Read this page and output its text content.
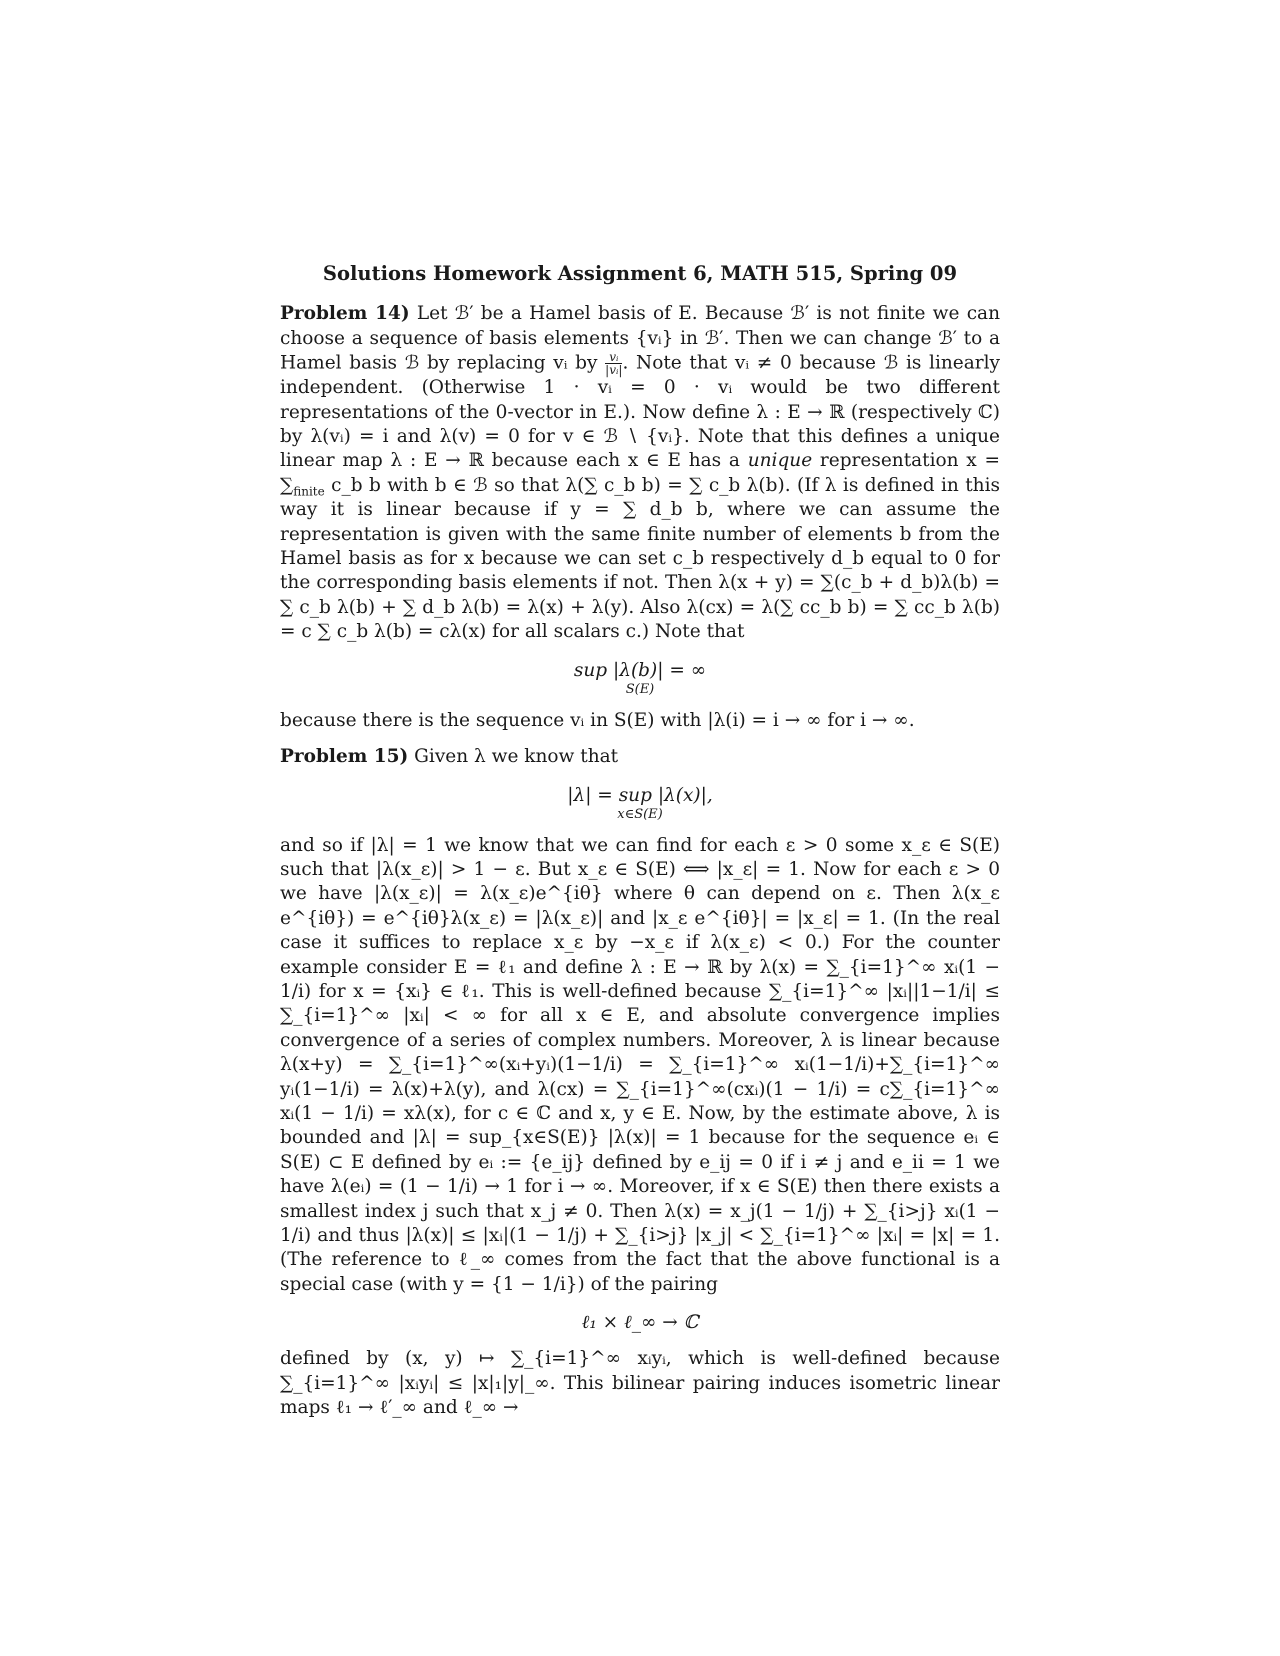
Solutions Homework Assignment 6, MATH 515, Spring 09

Problem 14) Let ℬ′ be a Hamel basis of E. Because ℬ′ is not finite we can choose a sequence of basis elements {vᵢ} in ℬ′. Then we can change ℬ′ to a Hamel basis ℬ by replacing vᵢ by $\frac{\text{vᵢ}}{\text{|vᵢ|}}$ . Note that vᵢ ≠ 0 because ℬ is linearly independent. (Otherwise 1 · vᵢ = 0 · vᵢ would be two different representations of the 0-vector in E.). Now define λ : E → ℝ (respectively ℂ) by λ(vᵢ) = i and λ(v) = 0 for v ∈ ℬ ∖ {vᵢ}. Note that this defines a unique linear map λ : E → ℝ because each x ∈ E has a unique representation $x = \sum_{finite}$ c_b b with b ∈ ℬ so that λ(∑ c_b b) = ∑ c_b λ(b). (If λ is defined in this way it is linear because if y = ∑ d_b b, where we can assume the representation is given with the same finite number of elements b from the Hamel basis as for x because we can set c_b respectively d_b equal to 0 for the corresponding basis elements if not. Then λ(x + y) = ∑(c_b + d_b)λ(b) = ∑ c_b λ(b) + ∑ d_b λ(b) = λ(x) + λ(y). Also λ(cx) = λ(∑ cc_b b) = ∑ cc_b λ(b) = c ∑ c_b λ(b) = cλ(x) for all scalars c.) Note that

sup |λ(b)| = ∞
S(E)

because there is the sequence vᵢ in S(E) with |λ(i) = i → ∞ for i → ∞.

Problem 15) Given λ we know that

|λ| = sup |λ(x)|,
x∈S(E)

and so if |λ| = 1 we know that we can find for each ε > 0 some x_ε ∈ S(E) such that |λ(x_ε)| > 1 − ε. But x_ε ∈ S(E) ⟺ |x_ε| = 1. Now for each ε > 0 we have |λ(x_ε)| = λ(x_ε)e^{iθ} where θ can depend on ε. Then λ(x_ε e^{iθ}) = e^{iθ}λ(x_ε) = |λ(x_ε)| and |x_ε e^{iθ}| = |x_ε| = 1. (In the real case it suffices to replace x_ε by −x_ε if λ(x_ε) < 0.) For the counter example consider E = ℓ₁ and define λ : E → ℝ by λ(x) = ∑_{i=1}^∞ xᵢ(1 − 1/i) for x = {xᵢ} ∈ ℓ₁. This is well-defined because ∑_{i=1}^∞ |xᵢ||1−1/i| ≤ ∑_{i=1}^∞ |xᵢ| < ∞ for all x ∈ E, and absolute convergence implies convergence of a series of complex numbers. Moreover, λ is linear because λ(x+y) = ∑_{i=1}^∞(xᵢ+yᵢ)(1−1/i) = ∑_{i=1}^∞ xᵢ(1−1/i)+∑_{i=1}^∞ yᵢ(1−1/i) = λ(x)+λ(y), and λ(cx) = ∑_{i=1}^∞(cxᵢ)(1 − 1/i) = c∑_{i=1}^∞ xᵢ(1 − 1/i) = xλ(x), for c ∈ ℂ and x, y ∈ E. Now, by the estimate above, λ is bounded and |λ| = sup_{x∈S(E)} |λ(x)| = 1 because for the sequence eᵢ ∈ S(E) ⊂ E defined by eᵢ := {e_ij} defined by e_ij = 0 if i ≠ j and e_ii = 1 we have λ(eᵢ) = (1 − 1/i) → 1 for i → ∞. Moreover, if x ∈ S(E) then there exists a smallest index j such that x_j ≠ 0. Then λ(x) = x_j(1 − 1/j) + ∑_{i>j} xᵢ(1 − 1/i) and thus |λ(x)| ≤ |xᵢ|(1 − 1/j) + ∑_{i>j} |x_j| < ∑_{i=1}^∞ |xᵢ| = |x| = 1. (The reference to ℓ_∞ comes from the fact that the above functional is a special case (with y = {1 − 1/i}) of the pairing

ℓ₁ × ℓ_∞ → ℂ

defined by (x, y) ↦ ∑_{i=1}^∞ xᵢyᵢ, which is well-defined because ∑_{i=1}^∞ |xᵢyᵢ| ≤ |x|₁|y|_∞. This bilinear pairing induces isometric linear maps ℓ₁ → ℓ′_∞ and ℓ_∞ →
